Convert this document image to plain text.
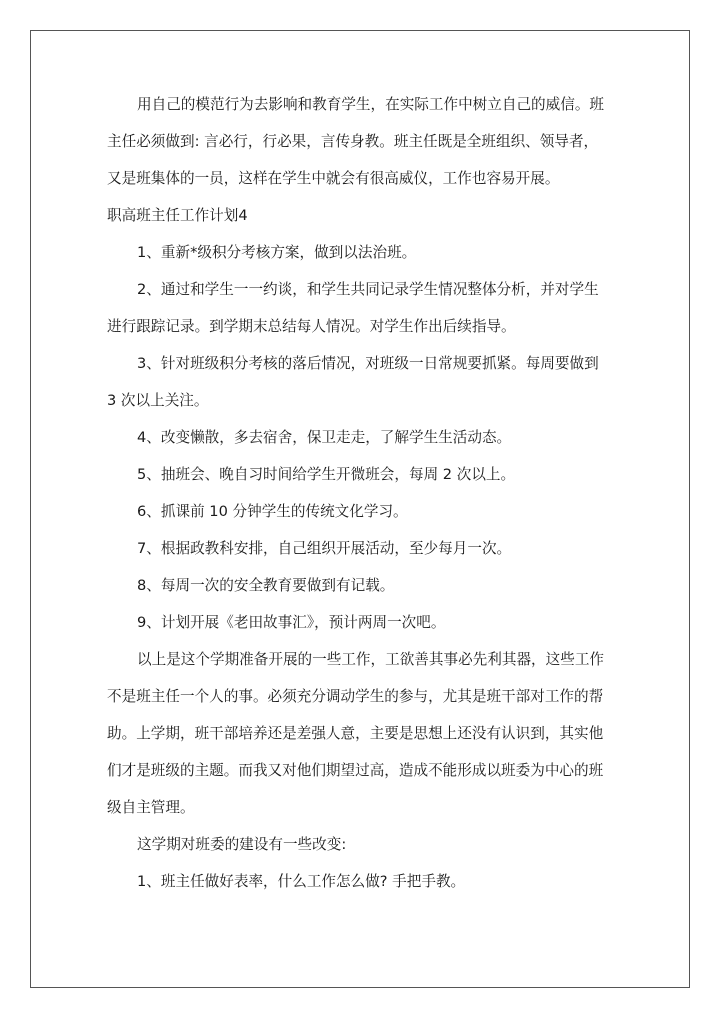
用自己的模范行为去影响和教育学生，在实际工作中树立自己的威信。班主任必须做到: 言必行，行必果，言传身教。班主任既是全班组织、领导者，又是班集体的一员，这样在学生中就会有很高威仪，工作也容易开展。

职高班主任工作计划4

1、重新*级积分考核方案，做到以法治班。

2、通过和学生一一约谈，和学生共同记录学生情况整体分析，并对学生进行跟踪记录。到学期末总结每人情况。对学生作出后续指导。

3、针对班级积分考核的落后情况，对班级一日常规要抓紧。每周要做到 3 次以上关注。

4、改变懒散，多去宿舍，保卫走走，了解学生生活动态。

5、抽班会、晚自习时间给学生开微班会，每周 2 次以上。

6、抓课前 10 分钟学生的传统文化学习。

7、根据政教科安排，自己组织开展活动，至少每月一次。

8、每周一次的安全教育要做到有记载。

9、计划开展《老田故事汇》，预计两周一次吧。

以上是这个学期准备开展的一些工作，工欲善其事必先利其器，这些工作不是班主任一个人的事。必须充分调动学生的参与，尤其是班干部对工作的帮助。上学期，班干部培养还是差强人意，主要是思想上还没有认识到，其实他们才是班级的主题。而我又对他们期望过高，造成不能形成以班委为中心的班级自主管理。

这学期对班委的建设有一些改变:

1、班主任做好表率，什么工作怎么做? 手把手教。
